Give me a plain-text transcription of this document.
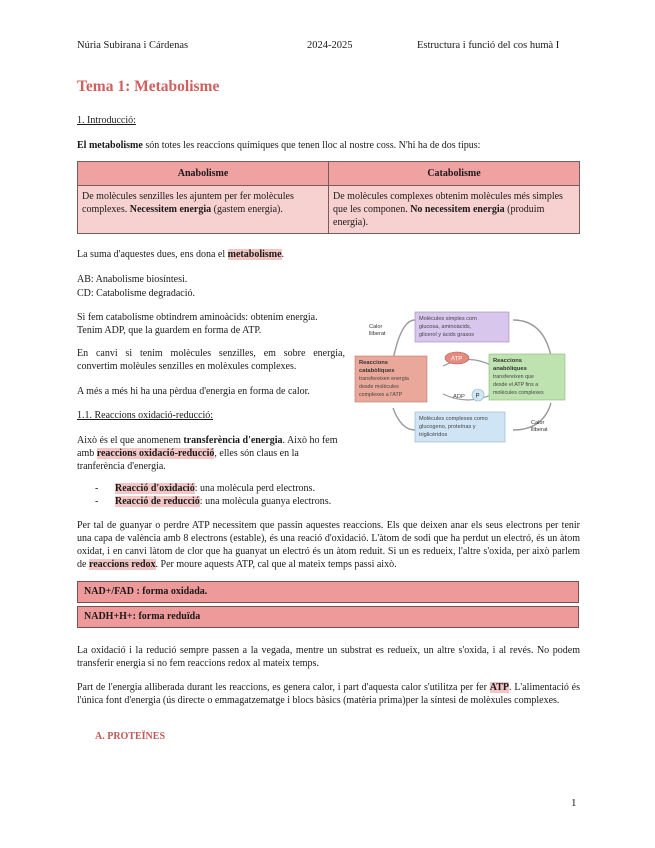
Núria Subirana i Cárdenas	2024-2025	Estructura i funció del cos humà I
Tema 1: Metabolisme
1. Introducció:
El metabolisme són totes les reaccions químiques que tenen lloc al nostre coss. N'hi ha de dos tipus:
Anabolisme	Catabolisme
De molècules senzilles les ajuntem per fer molècules complexes. Necessitem energia (gastem energia).	De molècules complexes obtenim molècules més simples que les componen. No necessitem energia (produim energia).
La suma d'aquestes dues, ens dona el metabolisme.
AB: Anabolisme biosíntesi.
CD: Catabolisme degradació.
Si fem catabolisme obtindrem aminoàcids: obtenim energia. Tenim ADP, que la guardem en forma de ATP.
En canvi si tenim molècules senzilles, em sobre energia, convertim molèules senzilles en molèxules complexes.
A més a més hi ha una pèrdua d'energia en forma de calor.
1.1. Reaccions oxidació-reducció:
Això és el que anomenem transferència d'energia. Això ho fem amb reaccions oxidació-reducció, elles són claus en la tranferència d'energia.
- Reacció d'oxidació: una molècula perd electrons.
- Reacció de reducció: una molècula guanya electrons.
Per tal de guanyar o perdre ATP necessitem que passin aquestes reaccions. Els que deixen anar els seus electrons per tenir una capa de valència amb 8 electrons (estable), és una reació d'oxidació. L'àtom de sodi que ha perdut un electró, és un àtom oxidat, i en canvi làtom de clor que ha guanyat un electró és un àtom reduit. Si un es redueix, l'altre s'oxida, per això parlem de reaccions redox. Per moure aquests ATP, cal que al mateix temps passi això.
NAD+/FAD : forma oxidada.
NADH+H+: forma reduïda
La oxidació i la redució sempre passen a la vegada, mentre un substrat es redueix, un altre s'oxida, i al revés. No podem transferir energia si no fem reaccions redox al mateix temps.
Part de l'energia alliberada durant les reaccions, es genera calor, i part d'aquesta calor s'utilitza per fer ATP. L'alimentació és l'única font d'energia (ús directe o emmagatzematge i blocs bàsics (matèria prima)per la síntesi de molèxules complexes.
A. PROTEÏNES
1
Molècules simples com
glucosa, aminoàcids,
glicerol y àcids grasos
Calor
lliberat
Reaccions
catabòliques
transfereixen energia
desde molècules
complexes a l'ATP
ATP
ADP P
Reaccions
anabòliques
transfereixen que
desde el ATP fins a
molècules complexes
Molècules complexes como
glucogeno, proteínas y
triglicèridos
Calor
lliberat
